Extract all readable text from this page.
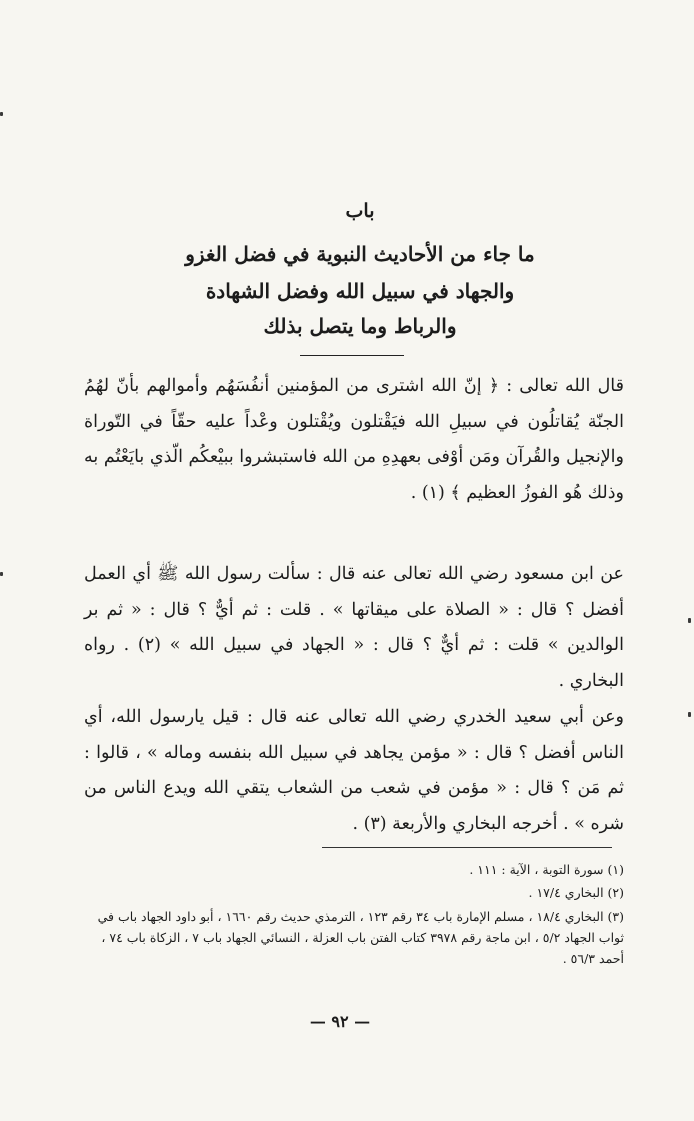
باب
ما جاء من الأحاديث النبوية في فضل الغزو
والجهاد في سبيل الله وفضل الشهادة
والرباط وما يتصل بذلك
قال الله تعالى : ﴿ إنّ الله اشترى من المؤمنين أنفُسَهُم وأموالهم بأنّ لهُمُ الجنّة يُقاتلُون في سبيلِ الله فيَقْتلون ويُقْتلون وعْداً عليه حقّاً في التّوراة والإنجيل والقُرآن ومَن أوْفى بعهدِهِ من الله فاستبشروا ببيْعكُم الّذي بايَعْتُم به وذلك هُو الفوزُ العظيم ﴾ (١) .
عن ابن مسعود رضي الله تعالى عنه قال : سألت رسول الله ﷺ أي العمل أفضل ؟ قال : « الصلاة على ميقاتها » . قلت : ثم أيٌّ ؟ قال : « ثم بر الوالدين » قلت : ثم أيٌّ ؟ قال : « الجهاد في سبيل الله » (٢) . رواه البخاري .
وعن أبي سعيد الخدري رضي الله تعالى عنه قال : قيل يارسول الله، أي الناس أفضل ؟ قال : « مؤمن يجاهد في سبيل الله بنفسه وماله » ، قالوا : ثم مَن ؟ قال : « مؤمن في شعب من الشعاب يتقي الله ويدع الناس من شره » . أخرجه البخاري والأربعة (٣) .
(١) سورة التوبة ، الآية : ١١١ .
(٢) البخاري ١٧/٤ .
(٣) البخاري ١٨/٤ ، مسلم الإمارة باب ٣٤ رقم ١٢٣ ، الترمذي حديث رقم ١٦٦٠ ، أبو داود الجهاد باب في ثواب الجهاد ٥/٢ ، ابن ماجة رقم ٣٩٧٨ كتاب الفتن باب العزلة ، النسائي الجهاد باب ٧ ، الزكاة باب ٧٤ ، أحمد ٥٦/٣ .
— ٩٢ —
